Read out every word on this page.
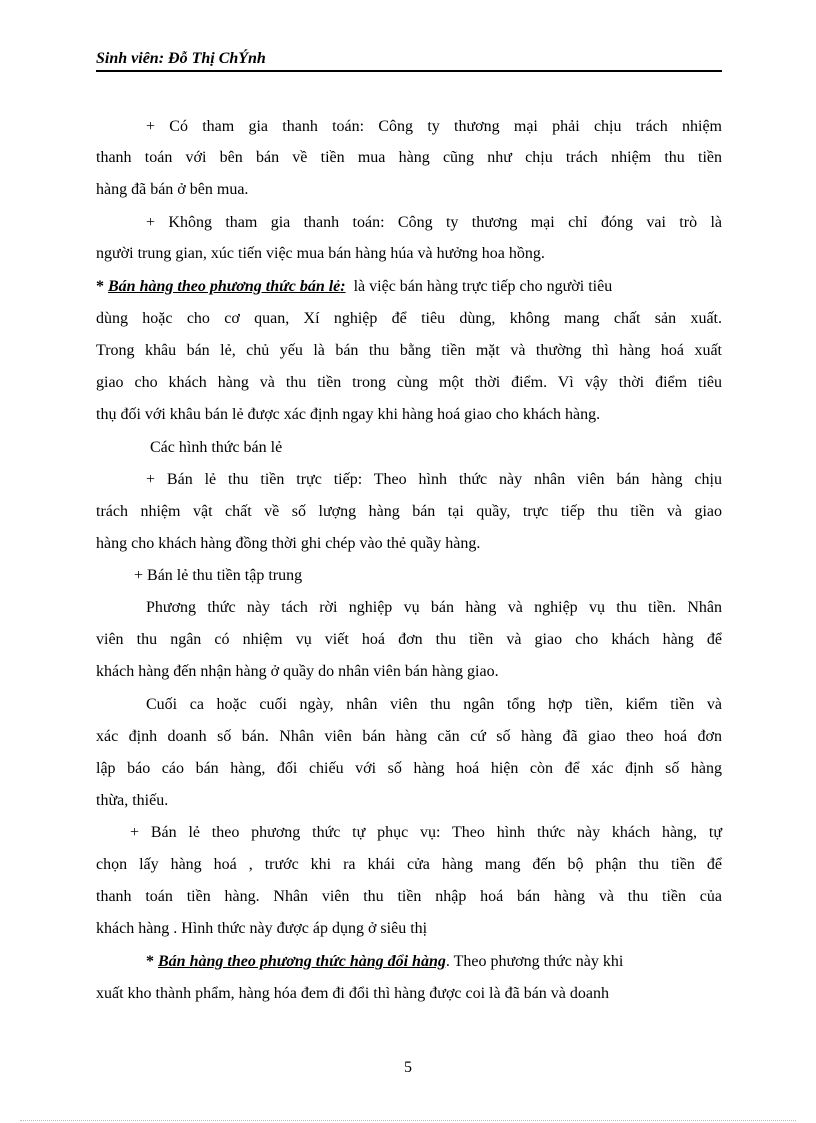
Sinh viên: Đỗ Thị ChÝnh
+ Có tham gia thanh toán: Công ty thương mại phải chịu trách nhiệm
thanh toán với bên bán về tiền mua hàng cũng như chịu trách nhiệm thu tiền
hàng đã bán ở bên mua.
+ Không tham gia thanh toán: Công ty thương mại chỉ đóng vai trò là
người trung gian, xúc tiến việc mua bán hàng húa và hưởng hoa hồng.
* Bán hàng theo phương thức bán lẻ: là việc bán hàng trực tiếp cho người tiêu
dùng hoặc cho cơ quan, Xí nghiệp để tiêu dùng, không mang chất sản xuất.
Trong khâu bán lẻ, chủ yếu là bán thu bằng tiền mặt và thường thì hàng hoá xuất
giao cho khách hàng và thu tiền trong cùng một thời điểm. Vì vậy thời điểm tiêu
thụ đối với khâu bán lẻ được xác định ngay khi hàng hoá giao cho khách hàng.
Các hình thức bán lẻ
+ Bán lẻ thu tiền trực tiếp: Theo hình thức này nhân viên bán hàng chịu
trách nhiệm vật chất về số lượng hàng bán tại quầy, trực tiếp thu tiền và giao
hàng cho khách hàng đồng thời ghi chép vào thẻ quầy hàng.
+ Bán lẻ thu tiền tập trung
Phương thức này tách rời nghiệp vụ bán hàng và nghiệp vụ thu tiền. Nhân
viên thu ngân có nhiệm vụ viết hoá đơn thu tiền và giao cho khách hàng để
khách hàng đến nhận hàng ở quầy do nhân viên bán hàng giao.
Cuối ca hoặc cuối ngày, nhân viên thu ngân tổng hợp tiền, kiểm tiền và
xác định doanh số bán. Nhân viên bán hàng căn cứ số hàng đã giao theo hoá đơn
lập báo cáo bán hàng, đối chiếu với số hàng hoá hiện còn để xác định số hàng
thừa, thiếu.
+ Bán lẻ theo phương thức tự phục vụ: Theo hình thức này khách hàng, tự
chọn lấy hàng hoá , trước khi ra khái cửa hàng mang đến bộ phận thu tiền để
thanh toán tiền hàng. Nhân viên thu tiền nhập hoá bán hàng và thu tiền của
khách hàng . Hình thức này được áp dụng ở siêu thị
* Bán hàng theo phương thức hàng đổi hàng. Theo phương thức này khi
xuất kho thành phẩm, hàng hóa đem đi đổi thì hàng được coi là đã bán và doanh
5
